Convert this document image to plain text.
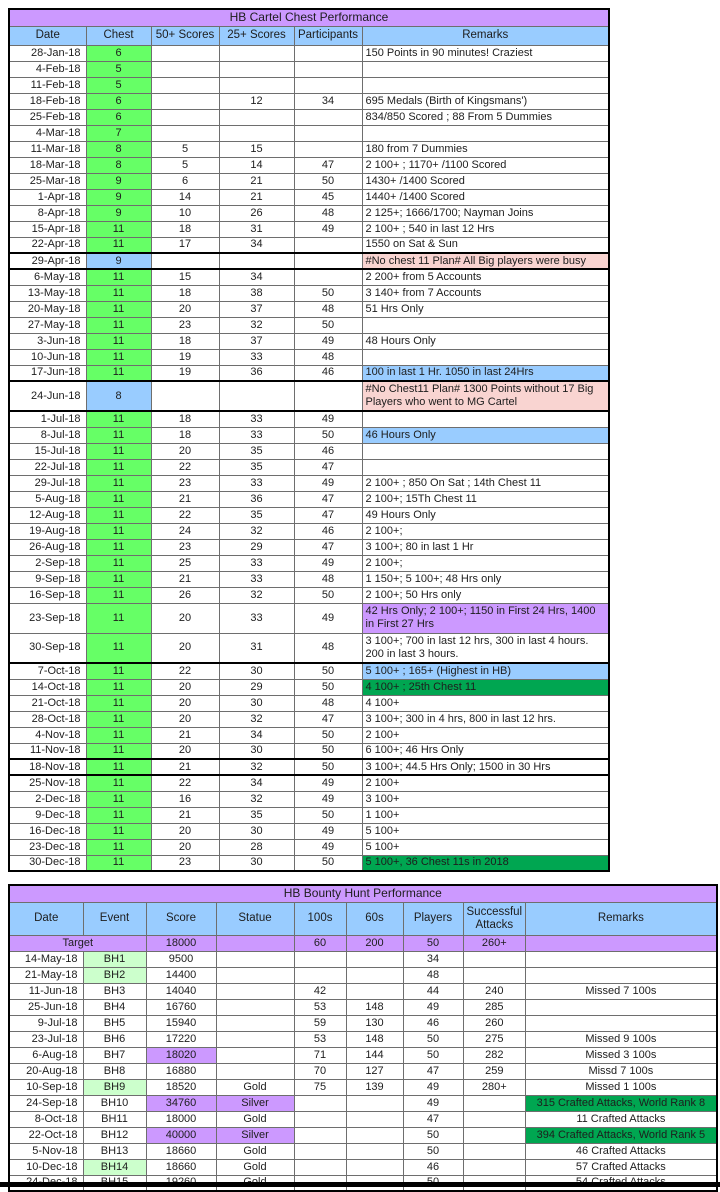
HB Cartel Chest Performance					
Date	Chest	50+ Scores	25+ Scores	Participants	Remarks
28-Jan-18	6				150 Points in 90 minutes! Craziest
4-Feb-18	5				
11-Feb-18	5				
18-Feb-18	6		12	34	695 Medals (Birth of Kingsmans')
25-Feb-18	6				834/850 Scored ; 88 From 5 Dummies
4-Mar-18	7				
11-Mar-18	8	5	15		180 from 7 Dummies
18-Mar-18	8	5	14	47	2 100+ ; 1170+ /1100 Scored
25-Mar-18	9	6	21	50	1430+ /1400 Scored
1-Apr-18	9	14	21	45	1440+ /1400 Scored
8-Apr-18	9	10	26	48	2 125+; 1666/1700; Nayman Joins
15-Apr-18	11	18	31	49	2 100+ ; 540 in last 12 Hrs
22-Apr-18	11	17	34		1550 on Sat & Sun
29-Apr-18	9				#No chest 11 Plan# All Big players were busy
6-May-18	11	15	34		2 200+ from 5 Accounts
13-May-18	11	18	38	50	3 140+ from 7 Accounts
20-May-18	11	20	37	48	51 Hrs Only
27-May-18	11	23	32	50	
3-Jun-18	11	18	37	49	48 Hours Only
10-Jun-18	11	19	33	48	
17-Jun-18	11	19	36	46	100 in last 1 Hr. 1050 in last 24Hrs
24-Jun-18	8				#No Chest11 Plan# 1300 Points without 17 Big Players who went to MG Cartel
1-Jul-18	11	18	33	49	
8-Jul-18	11	18	33	50	46 Hours Only
15-Jul-18	11	20	35	46	
22-Jul-18	11	22	35	47	
29-Jul-18	11	23	33	49	2 100+ ; 850 On Sat ; 14th Chest 11
5-Aug-18	11	21	36	47	2 100+; 15Th Chest 11
12-Aug-18	11	22	35	47	49 Hours Only
19-Aug-18	11	24	32	46	2 100+;
26-Aug-18	11	23	29	47	3 100+; 80 in last 1 Hr
2-Sep-18	11	25	33	49	2 100+;
9-Sep-18	11	21	33	48	1 150+; 5 100+; 48 Hrs only
16-Sep-18	11	26	32	50	2 100+; 50 Hrs only
23-Sep-18	11	20	33	49	42 Hrs Only; 2 100+; 1150 in First 24 Hrs, 1400 in First 27 Hrs
30-Sep-18	11	20	31	48	3 100+; 700 in last 12 hrs, 300 in last 4 hours. 200 in last 3 hours.
7-Oct-18	11	22	30	50	5 100+ ; 165+ (Highest in HB)
14-Oct-18	11	20	29	50	4 100+ ; 25th Chest 11
21-Oct-18	11	20	30	48	4 100+
28-Oct-18	11	20	32	47	3 100+; 300 in 4 hrs, 800 in last 12 hrs.
4-Nov-18	11	21	34	50	2 100+
11-Nov-18	11	20	30	50	6 100+; 46 Hrs Only
18-Nov-18	11	21	32	50	3 100+; 44.5 Hrs Only; 1500 in 30 Hrs
25-Nov-18	11	22	34	49	2 100+
2-Dec-18	11	16	32	49	3 100+
9-Dec-18	11	21	35	50	1 100+
16-Dec-18	11	20	30	49	5 100+
23-Dec-18	11	20	28	49	5 100+
30-Dec-18	11	23	30	50	5 100+, 36 Chest 11s in 2018
HB Bounty Hunt Performance								
Date	Event	Score	Statue	100s	60s	Players	Successful Attacks	Remarks
Target		18000		60	200	50	260+	
14-May-18	BH1	9500				34		
21-May-18	BH2	14400				48		
11-Jun-18	BH3	14040		42		44	240	Missed 7 100s
25-Jun-18	BH4	16760		53	148	49	285	
9-Jul-18	BH5	15940		59	130	46	260	
23-Jul-18	BH6	17220		53	148	50	275	Missed 9 100s
6-Aug-18	BH7	18020		71	144	50	282	Missed 3 100s
20-Aug-18	BH8	16880		70	127	47	259	Missd 7 100s
10-Sep-18	BH9	18520	Gold	75	139	49	280+	Missed 1 100s
24-Sep-18	BH10	34760	Silver			49		315 Crafted Attacks, World Rank 8
8-Oct-18	BH11	18000	Gold			47		11 Crafted Attacks
22-Oct-18	BH12	40000	Silver			50		394 Crafted Attacks, World Rank 5
5-Nov-18	BH13	18660	Gold			50		46 Crafted Attacks
10-Dec-18	BH14	18660	Gold			46		57 Crafted Attacks
